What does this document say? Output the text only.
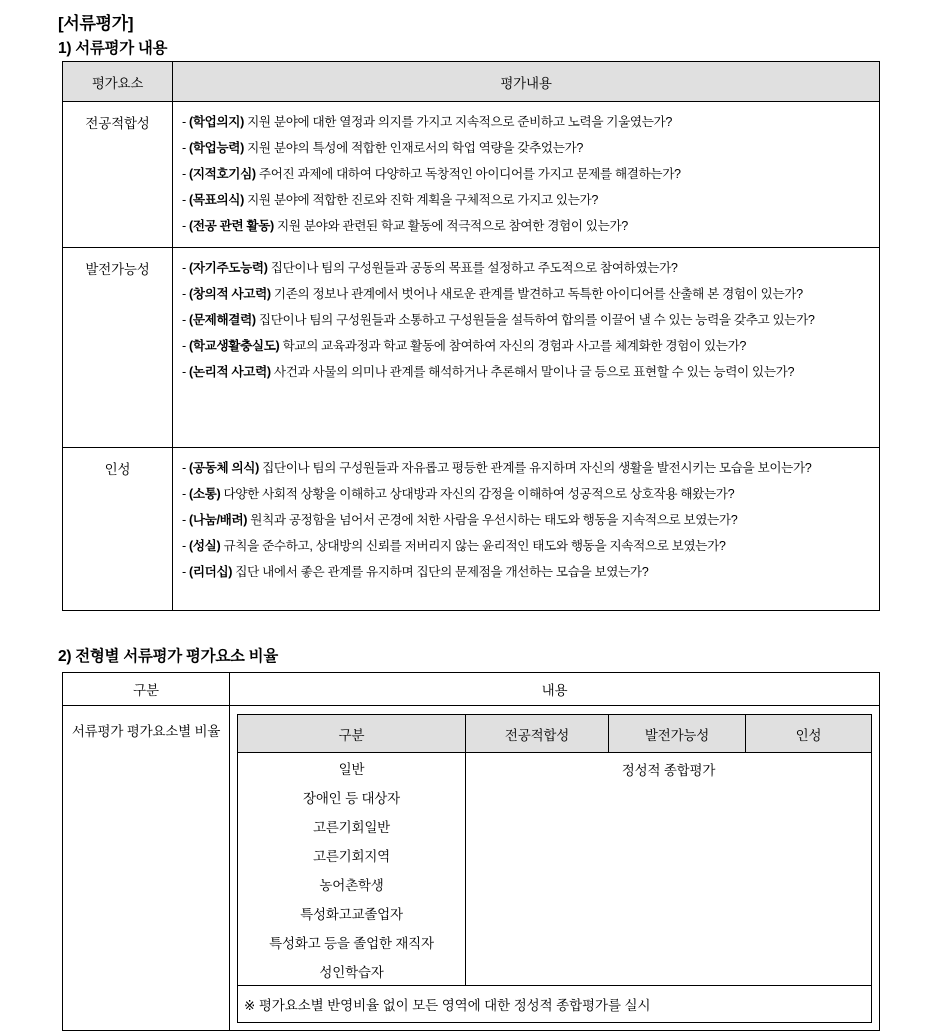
[서류평가]
1) 서류평가 내용
평가요소	평가내용
전공적합성	- (학업의지) 지원 분야에 대한 열정과 의지를 가지고 지속적으로 준비하고 노력을 기울였는가?
- (학업능력) 지원 분야의 특성에 적합한 인재로서의 학업 역량을 갖추었는가?
- (지적호기심) 주어진 과제에 대하여 다양하고 독창적인 아이디어를 가지고 문제를 해결하는가?
- (목표의식) 지원 분야에 적합한 진로와 진학 계획을 구체적으로 가지고 있는가?
- (전공 관련 활동) 지원 분야와 관련된 학교 활동에 적극적으로 참여한 경험이 있는가?

발전가능성	- (자기주도능력) 집단이나 팀의 구성원들과 공동의 목표를 설정하고 주도적으로 참여하였는가?
- (창의적 사고력) 기존의 정보나 관계에서 벗어나 새로운 관계를 발견하고 독특한 아이디어를 산출해 본 경험이 있는가?
- (문제해결력) 집단이나 팀의 구성원들과 소통하고 구성원들을 설득하여 합의를 이끌어 낼 수 있는 능력을 갖추고 있는가?
- (학교생활충실도) 학교의 교육과정과 학교 활동에 참여하여 자신의 경험과 사고를 체계화한 경험이 있는가?
- (논리적 사고력) 사건과 사물의 의미나 관계를 해석하거나 추론해서 말이나 글 등으로 표현할 수 있는 능력이 있는가?

인성	- (공동체 의식) 집단이나 팀의 구성원들과 자유롭고 평등한 관계를 유지하며 자신의 생활을 발전시키는 모습을 보이는가?
- (소통) 다양한 사회적 상황을 이해하고 상대방과 자신의 감정을 이해하여 성공적으로 상호작용 해왔는가?
- (나눔/배려) 원칙과 공정함을 넘어서 곤경에 처한 사람을 우선시하는 태도와 행동을 지속적으로 보였는가?
- (성실) 규칙을 준수하고, 상대방의 신뢰를 저버리지 않는 윤리적인 태도와 행동을 지속적으로 보였는가?
- (리더십) 집단 내에서 좋은 관계를 유지하며 집단의 문제점을 개선하는 모습을 보였는가?
2) 전형별 서류평가 평가요소 비율
구분	내용
서류평가 평가요소별 비율		구분	전공적합성	발전가능성	인성
일반	정성적 종합평가
장애인 등 대상자
고른기회일반
고른기회지역
농어촌학생
특성화고교졸업자
특성화고 등을 졸업한 재직자
성인학습자
※ 평가요소별 반영비율 없이 모든 영역에 대한 정성적 종합평가를 실시
